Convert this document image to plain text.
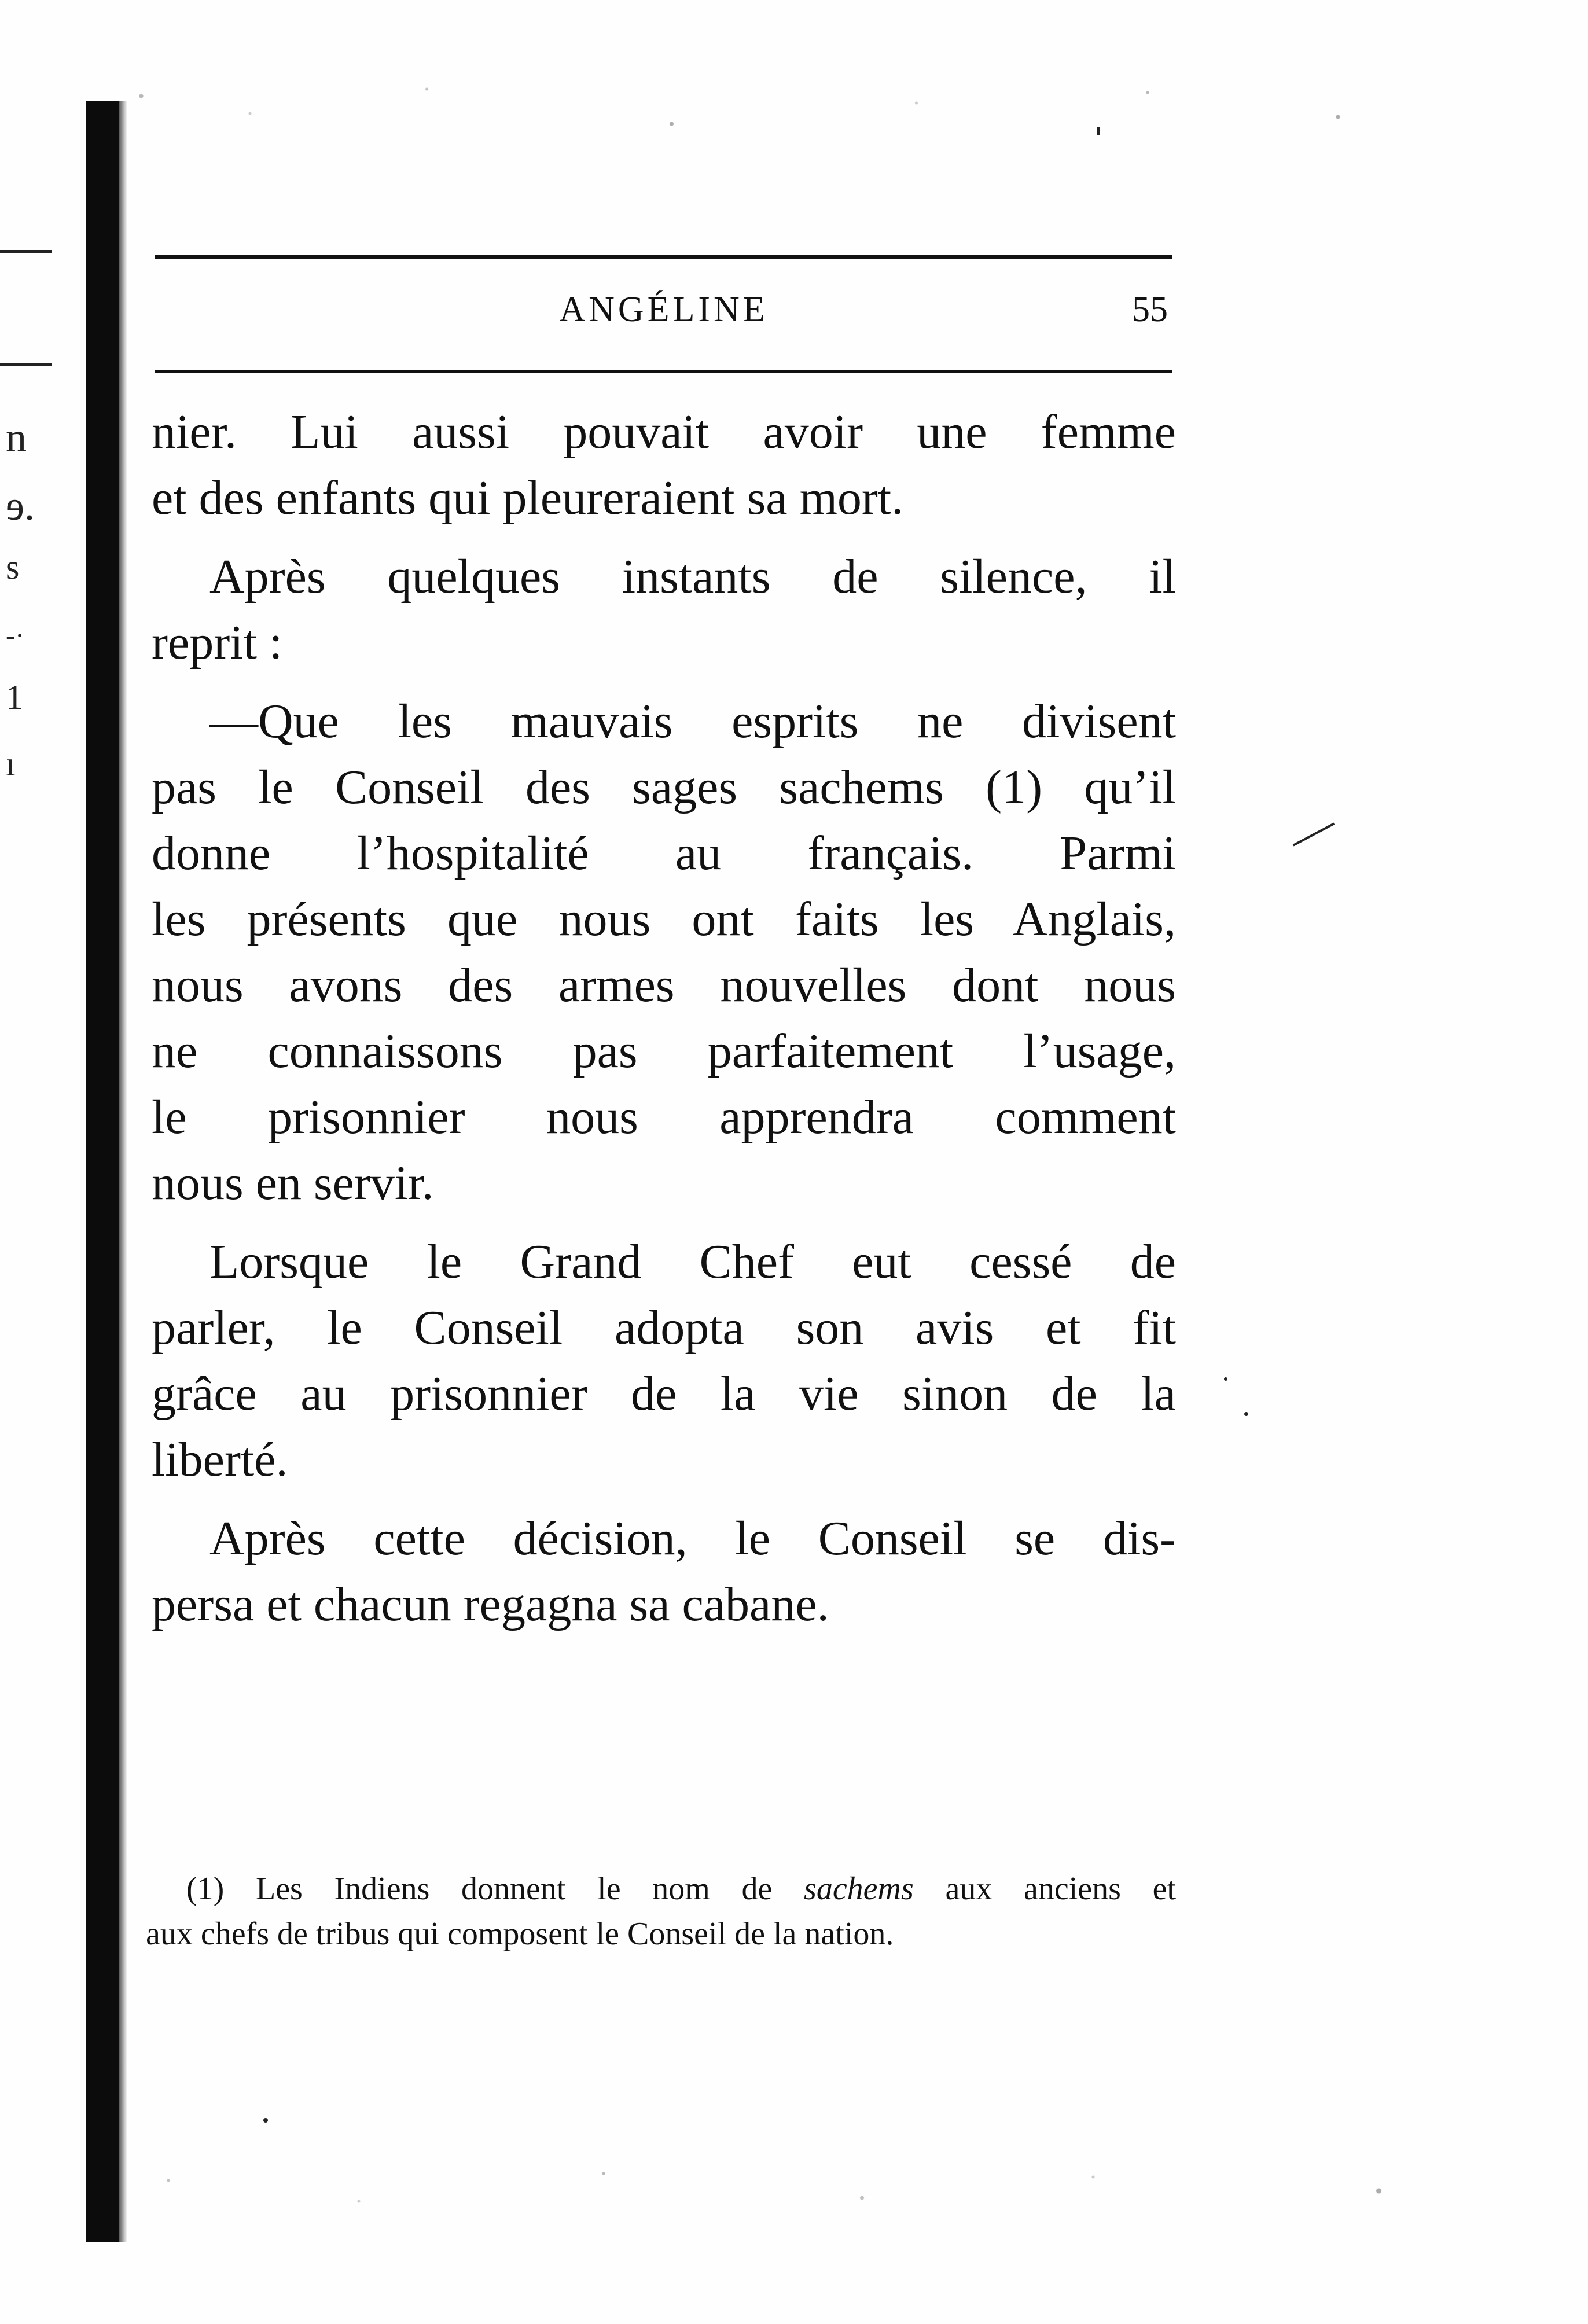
n
ɘ.
s
-·
1
ı
ANGÉLINE	55
nier. Lui aussi pouvait avoir une femme
et des enfants qui pleureraient sa mort.
Après quelques instants de silence, il
reprit :
—Que les mauvais esprits ne divisent
pas le Conseil des sages sachems (1) qu’il
donne l’hospitalité au français. Parmi
les présents que nous ont faits les Anglais,
nous avons des armes nouvelles dont nous
ne connaissons pas parfaitement l’usage,
le prisonnier nous apprendra comment
nous en servir.
Lorsque le Grand Chef eut cessé de
parler, le Conseil adopta son avis et fit
grâce au prisonnier de la vie sinon de la
liberté.
Après cette décision, le Conseil se dis-
persa et chacun regagna sa cabane.
(1) Les Indiens donnent le nom de sachems aux anciens et
aux chefs de tribus qui composent le Conseil de la nation.
